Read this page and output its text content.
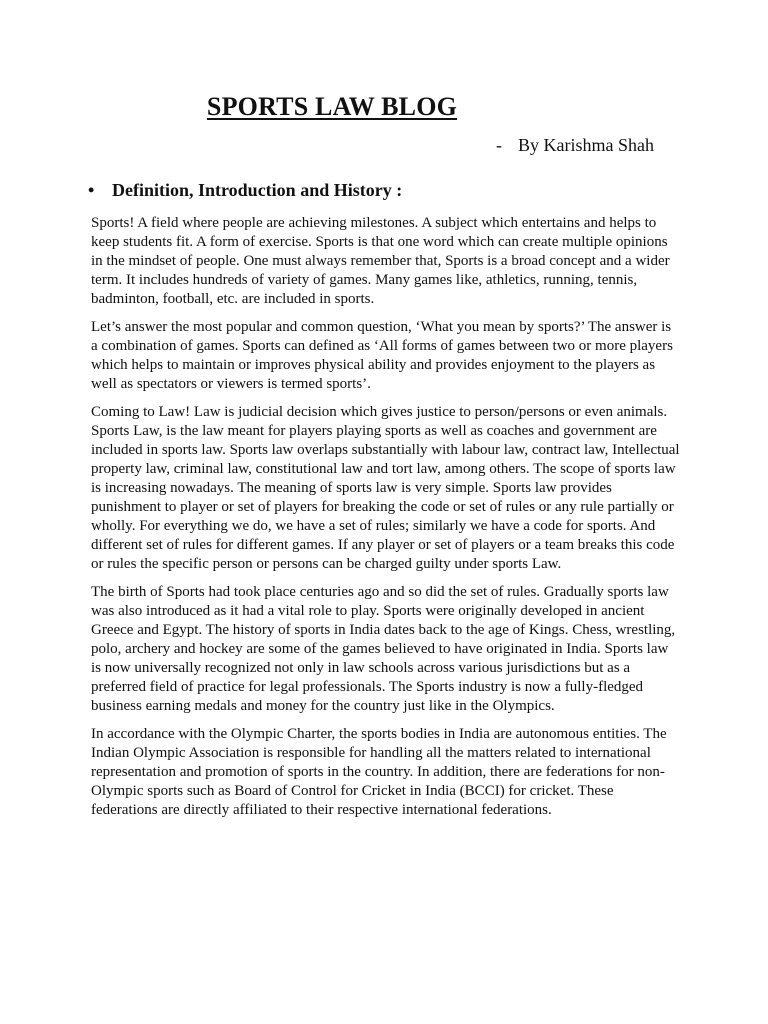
SPORTS LAW BLOG

- By Karishma Shah

• Definition, Introduction and History :

Sports! A field where people are achieving milestones. A subject which entertains and helps to keep students fit. A form of exercise. Sports is that one word which can create multiple opinions in the mindset of people. One must always remember that, Sports is a broad concept and a wider term. It includes hundreds of variety of games. Many games like, athletics, running, tennis, badminton, football, etc. are included in sports.

Let’s answer the most popular and common question, ‘What you mean by sports?’ The answer is a combination of games. Sports can defined as ‘All forms of games between two or more players which helps to maintain or improves physical ability and provides enjoyment to the players as well as spectators or viewers is termed sports’.

Coming to Law! Law is judicial decision which gives justice to person/persons or even animals. Sports Law, is the law meant for players playing sports as well as coaches and government are included in sports law. Sports law overlaps substantially with labour law, contract law, Intellectual property law, criminal law, constitutional law and tort law, among others. The scope of sports law is increasing nowadays. The meaning of sports law is very simple. Sports law provides punishment to player or set of players for breaking the code or set of rules or any rule partially or wholly. For everything we do, we have a set of rules; similarly we have a code for sports. And different set of rules for different games. If any player or set of players or a team breaks this code or rules the specific person or persons can be charged guilty under sports Law.

The birth of Sports had took place centuries ago and so did the set of rules. Gradually sports law was also introduced as it had a vital role to play. Sports were originally developed in ancient Greece and Egypt. The history of sports in India dates back to the age of Kings. Chess, wrestling, polo, archery and hockey are some of the games believed to have originated in India. Sports law is now universally recognized not only in law schools across various jurisdictions but as a preferred field of practice for legal professionals. The Sports industry is now a fully-fledged business earning medals and money for the country just like in the Olympics.

In accordance with the Olympic Charter, the sports bodies in India are autonomous entities. The Indian Olympic Association is responsible for handling all the matters related to international representation and promotion of sports in the country. In addition, there are federations for non-Olympic sports such as Board of Control for Cricket in India (BCCI) for cricket. These federations are directly affiliated to their respective international federations.
